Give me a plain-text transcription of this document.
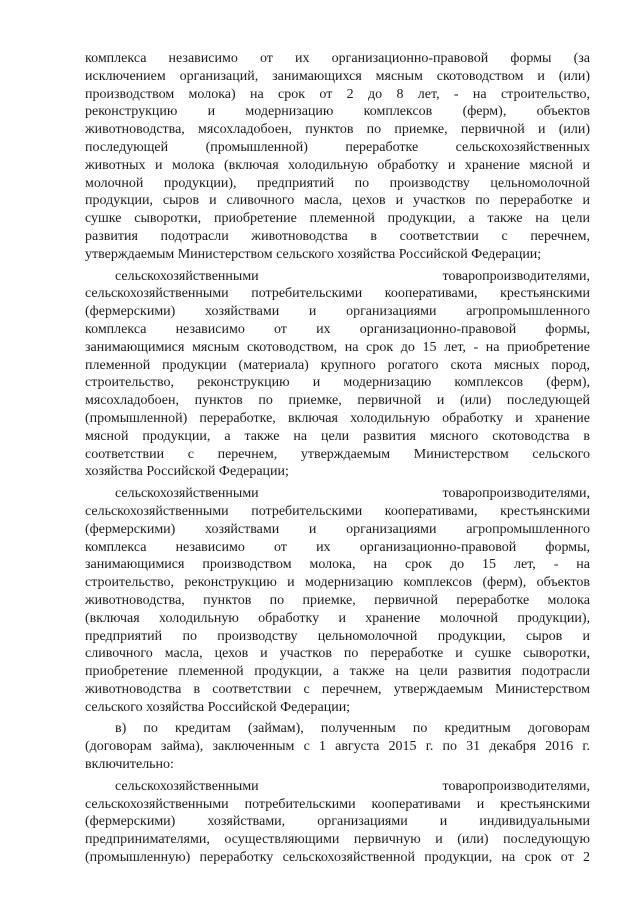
комплекса независимо от их организационно-правовой формы (за
исключением организаций, занимающихся мясным скотоводством и (или)
производством молока) на срок от 2 до 8 лет, - на строительство,
реконструкцию и модернизацию комплексов (ферм), объектов
животноводства, мясохладобоен, пунктов по приемке, первичной и (или)
последующей (промышленной) переработке сельскохозяйственных
животных и молока (включая холодильную обработку и хранение мясной и
молочной продукции), предприятий по производству цельномолочной
продукции, сыров и сливочного масла, цехов и участков по переработке и
сушке сыворотки, приобретение племенной продукции, а также на цели
развития подотрасли животноводства в соответствии с перечнем,
утверждаемым Министерством сельского хозяйства Российской Федерации;
сельскохозяйственными товаропроизводителями,
сельскохозяйственными потребительскими кооперативами, крестьянскими
(фермерскими) хозяйствами и организациями агропромышленного
комплекса независимо от их организационно-правовой формы,
занимающимися мясным скотоводством, на срок до 15 лет, - на приобретение
племенной продукции (материала) крупного рогатого скота мясных пород,
строительство, реконструкцию и модернизацию комплексов (ферм),
мясохладобоен, пунктов по приемке, первичной и (или) последующей
(промышленной) переработке, включая холодильную обработку и хранение
мясной продукции, а также на цели развития мясного скотоводства в
соответствии с перечнем, утверждаемым Министерством сельского
хозяйства Российской Федерации;
сельскохозяйственными товаропроизводителями,
сельскохозяйственными потребительскими кооперативами, крестьянскими
(фермерскими) хозяйствами и организациями агропромышленного
комплекса независимо от их организационно-правовой формы,
занимающимися производством молока, на срок до 15 лет, - на
строительство, реконструкцию и модернизацию комплексов (ферм), объектов
животноводства, пунктов по приемке, первичной переработке молока
(включая холодильную обработку и хранение молочной продукции),
предприятий по производству цельномолочной продукции, сыров и
сливочного масла, цехов и участков по переработке и сушке сыворотки,
приобретение племенной продукции, а также на цели развития подотрасли
животноводства в соответствии с перечнем, утверждаемым Министерством
сельского хозяйства Российской Федерации;
в) по кредитам (займам), полученным по кредитным договорам
(договорам займа), заключенным с 1 августа 2015 г. по 31 декабря 2016 г.
включительно:
сельскохозяйственными товаропроизводителями,
сельскохозяйственными потребительскими кооперативами и крестьянскими
(фермерскими) хозяйствами, организациями и индивидуальными
предпринимателями, осуществляющими первичную и (или) последующую
(промышленную) переработку сельскохозяйственной продукции, на срок от 2
